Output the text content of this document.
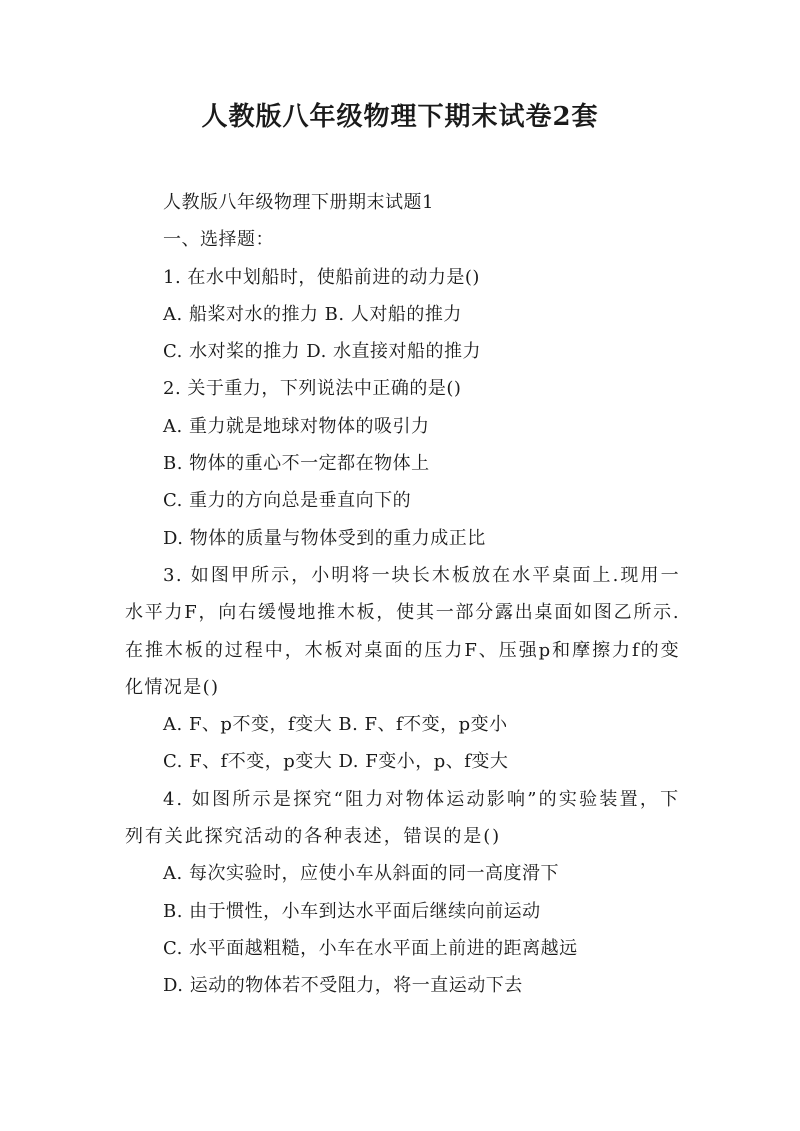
人教版八年级物理下期末试卷2套

人教版八年级物理下册期末试题1

一、选择题：

1. 在水中划船时，使船前进的动力是()

A. 船桨对水的推力 B. 人对船的推力

C. 水对桨的推力 D. 水直接对船的推力

2. 关于重力，下列说法中正确的是()

A. 重力就是地球对物体的吸引力

B. 物体的重心不一定都在物体上

C. 重力的方向总是垂直向下的

D. 物体的质量与物体受到的重力成正比

3. 如图甲所示，小明将一块长木板放在水平桌面上.现用一水平力F，向右缓慢地推木板，使其一部分露出桌面如图乙所示.在推木板的过程中，木板对桌面的压力F、压强p和摩擦力f的变化情况是()

A. F、p不变，f变大 B. F、f不变，p变小

C. F、f不变，p变大 D. F变小，p、f变大

4. 如图所示是探究“阻力对物体运动影响”的实验装置，下列有关此探究活动的各种表述，错误的是()

A. 每次实验时，应使小车从斜面的同一高度滑下

B. 由于惯性，小车到达水平面后继续向前运动

C. 水平面越粗糙，小车在水平面上前进的距离越远

D. 运动的物体若不受阻力，将一直运动下去
